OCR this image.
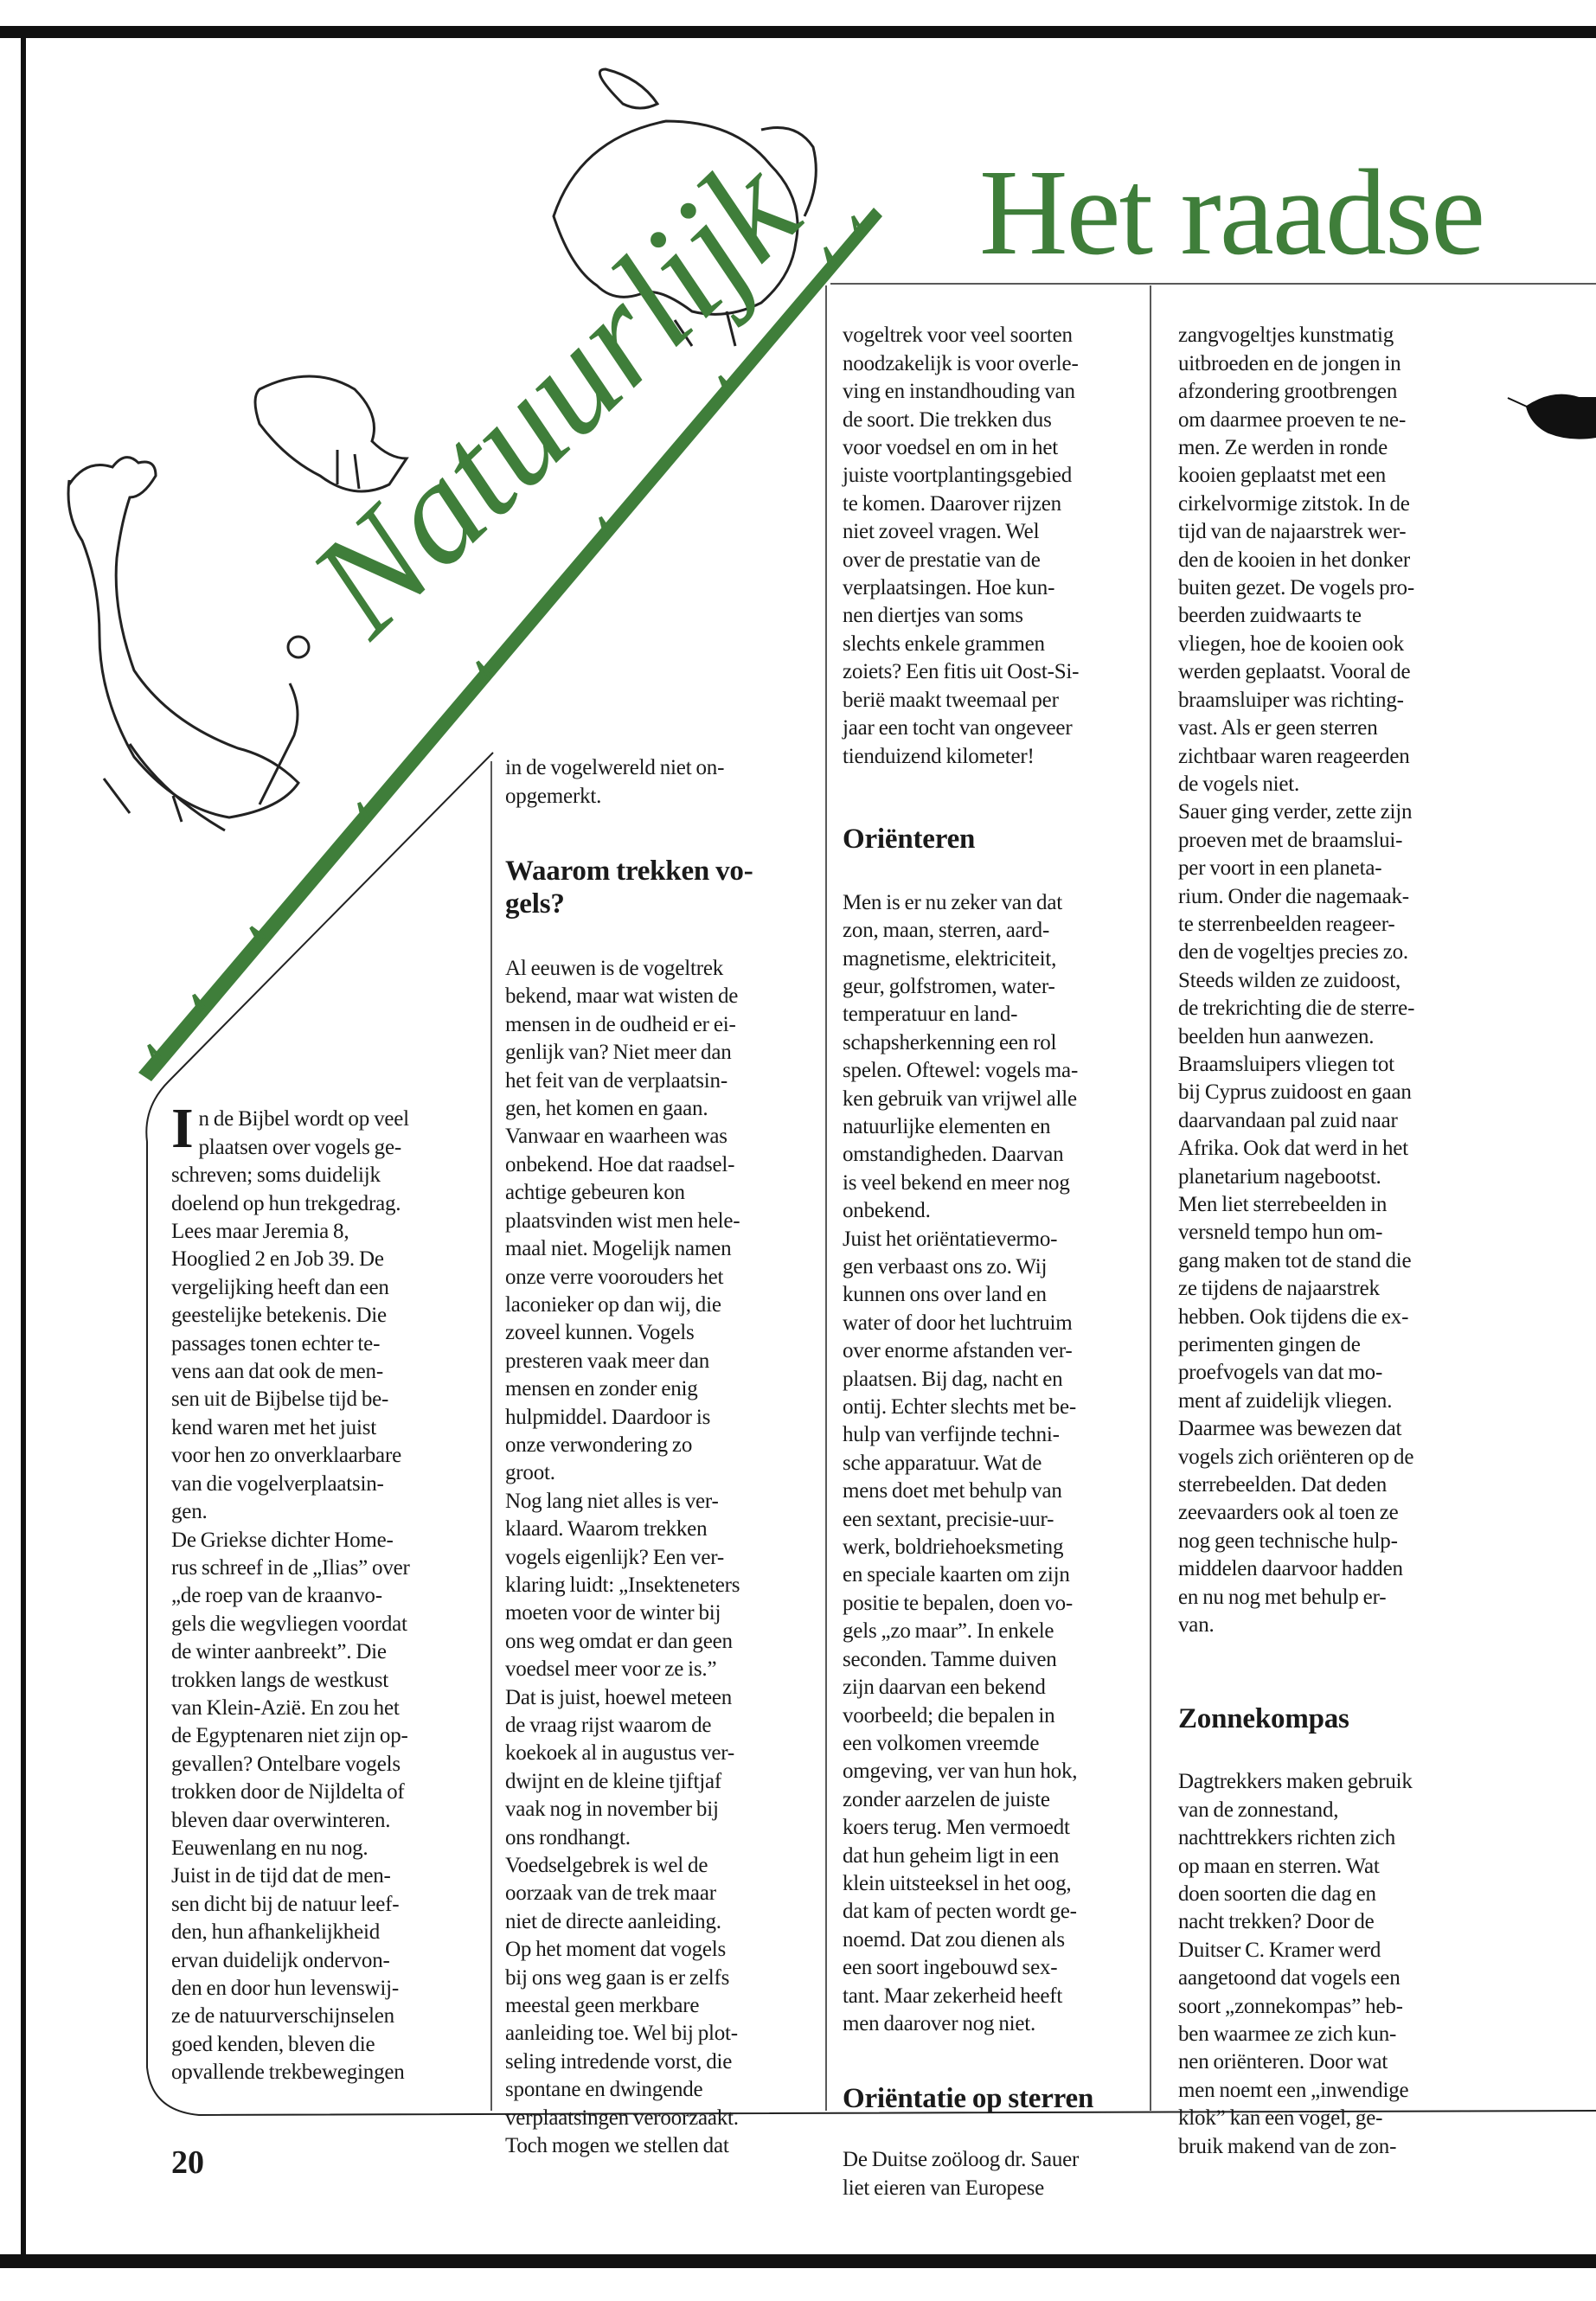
Natuurlijk Het raadse

In de Bijbel wordt op veel
plaatsen over vogels ge-
schreven; soms duidelijk
doelend op hun trekgedrag.
Lees maar Jeremia 8,
Hooglied 2 en Job 39. De
vergelijking heeft dan een
geestelijke betekenis. Die
passages tonen echter te-
vens aan dat ook de men-
sen uit de Bijbelse tijd be-
kend waren met het juist
voor hen zo onverklaarbare
van die vogelverplaatsin-
gen.
De Griekse dichter Home-
rus schreef in de „Ilias” over
„de roep van de kraanvo-
gels die wegvliegen voordat
de winter aanbreekt”. Die
trokken langs de westkust
van Klein-Azië. En zou het
de Egyptenaren niet zijn op-
gevallen? Ontelbare vogels
trokken door de Nijldelta of
bleven daar overwinteren.
Eeuwenlang en nu nog.
Juist in de tijd dat de men-
sen dicht bij de natuur leef-
den, hun afhankelijkheid
ervan duidelijk ondervon-
den en door hun levenswij-
ze de natuurverschijnselen
goed kenden, bleven die
opvallende trekbewegingen

in de vogelwereld niet on-
opgemerkt.

Waarom trekken vo-
gels?

Al eeuwen is de vogeltrek
bekend, maar wat wisten de
mensen in de oudheid er ei-
genlijk van? Niet meer dan
het feit van de verplaatsin-
gen, het komen en gaan.
Vanwaar en waarheen was
onbekend. Hoe dat raadsel-
achtige gebeuren kon
plaatsvinden wist men hele-
maal niet. Mogelijk namen
onze verre voorouders het
laconieker op dan wij, die
zoveel kunnen. Vogels
presteren vaak meer dan
mensen en zonder enig
hulpmiddel. Daardoor is
onze verwondering zo
groot.
Nog lang niet alles is ver-
klaard. Waarom trekken
vogels eigenlijk? Een ver-
klaring luidt: „Insekteneters
moeten voor de winter bij
ons weg omdat er dan geen
voedsel meer voor ze is.”
Dat is juist, hoewel meteen
de vraag rijst waarom de
koekoek al in augustus ver-
dwijnt en de kleine tjiftjaf
vaak nog in november bij
ons rondhangt.
Voedselgebrek is wel de
oorzaak van de trek maar
niet de directe aanleiding.
Op het moment dat vogels
bij ons weg gaan is er zelfs
meestal geen merkbare
aanleiding toe. Wel bij plot-
seling intredende vorst, die
spontane en dwingende
verplaatsingen veroorzaakt.
Toch mogen we stellen dat

vogeltrek voor veel soorten
noodzakelijk is voor overle-
ving en instandhouding van
de soort. Die trekken dus
voor voedsel en om in het
juiste voortplantingsgebied
te komen. Daarover rijzen
niet zoveel vragen. Wel
over de prestatie van de
verplaatsingen. Hoe kun-
nen diertjes van soms
slechts enkele grammen
zoiets? Een fitis uit Oost-Si-
berië maakt tweemaal per
jaar een tocht van ongeveer
tienduizend kilometer!

Oriënteren

Men is er nu zeker van dat
zon, maan, sterren, aard-
magnetisme, elektriciteit,
geur, golfstromen, water-
temperatuur en land-
schapsherkenning een rol
spelen. Oftewel: vogels ma-
ken gebruik van vrijwel alle
natuurlijke elementen en
omstandigheden. Daarvan
is veel bekend en meer nog
onbekend.
Juist het oriëntatievermo-
gen verbaast ons zo. Wij
kunnen ons over land en
water of door het luchtruim
over enorme afstanden ver-
plaatsen. Bij dag, nacht en
ontij. Echter slechts met be-
hulp van verfijnde techni-
sche apparatuur. Wat de
mens doet met behulp van
een sextant, precisie-uur-
werk, boldriehoeksmeting
en speciale kaarten om zijn
positie te bepalen, doen vo-
gels „zo maar”. In enkele
seconden. Tamme duiven
zijn daarvan een bekend
voorbeeld; die bepalen in
een volkomen vreemde
omgeving, ver van hun hok,
zonder aarzelen de juiste
koers terug. Men vermoedt
dat hun geheim ligt in een
klein uitsteeksel in het oog,
dat kam of pecten wordt ge-
noemd. Dat zou dienen als
een soort ingebouwd sex-
tant. Maar zekerheid heeft
men daarover nog niet.

Oriëntatie op sterren

De Duitse zoöloog dr. Sauer
liet eieren van Europese

zangvogeltjes kunstmatig
uitbroeden en de jongen in
afzondering grootbrengen
om daarmee proeven te ne-
men. Ze werden in ronde
kooien geplaatst met een
cirkelvormige zitstok. In de
tijd van de najaarstrek wer-
den de kooien in het donker
buiten gezet. De vogels pro-
beerden zuidwaarts te
vliegen, hoe de kooien ook
werden geplaatst. Vooral de
braamsluiper was richting-
vast. Als er geen sterren
zichtbaar waren reageerden
de vogels niet.
Sauer ging verder, zette zijn
proeven met de braamslui-
per voort in een planeta-
rium. Onder die nagemaak-
te sterrenbeelden reageer-
den de vogeltjes precies zo.
Steeds wilden ze zuidoost,
de trekrichting die de sterre-
beelden hun aanwezen.
Braamsluipers vliegen tot
bij Cyprus zuidoost en gaan
daarvandaan pal zuid naar
Afrika. Ook dat werd in het
planetarium nagebootst.
Men liet sterrebeelden in
versneld tempo hun om-
gang maken tot de stand die
ze tijdens de najaarstrek
hebben. Ook tijdens die ex-
perimenten gingen de
proefvogels van dat mo-
ment af zuidelijk vliegen.
Daarmee was bewezen dat
vogels zich oriënteren op de
sterrebeelden. Dat deden
zeevaarders ook al toen ze
nog geen technische hulp-
middelen daarvoor hadden
en nu nog met behulp er-
van.

Zonnekompas

Dagtrekkers maken gebruik
van de zonnestand,
nachttrekkers richten zich
op maan en sterren. Wat
doen soorten die dag en
nacht trekken? Door de
Duitser C. Kramer werd
aangetoond dat vogels een
soort „zonnekompas” heb-
ben waarmee ze zich kun-
nen oriënteren. Door wat
men noemt een „inwendige
klok” kan een vogel, ge-
bruik makend van de zon-

20
